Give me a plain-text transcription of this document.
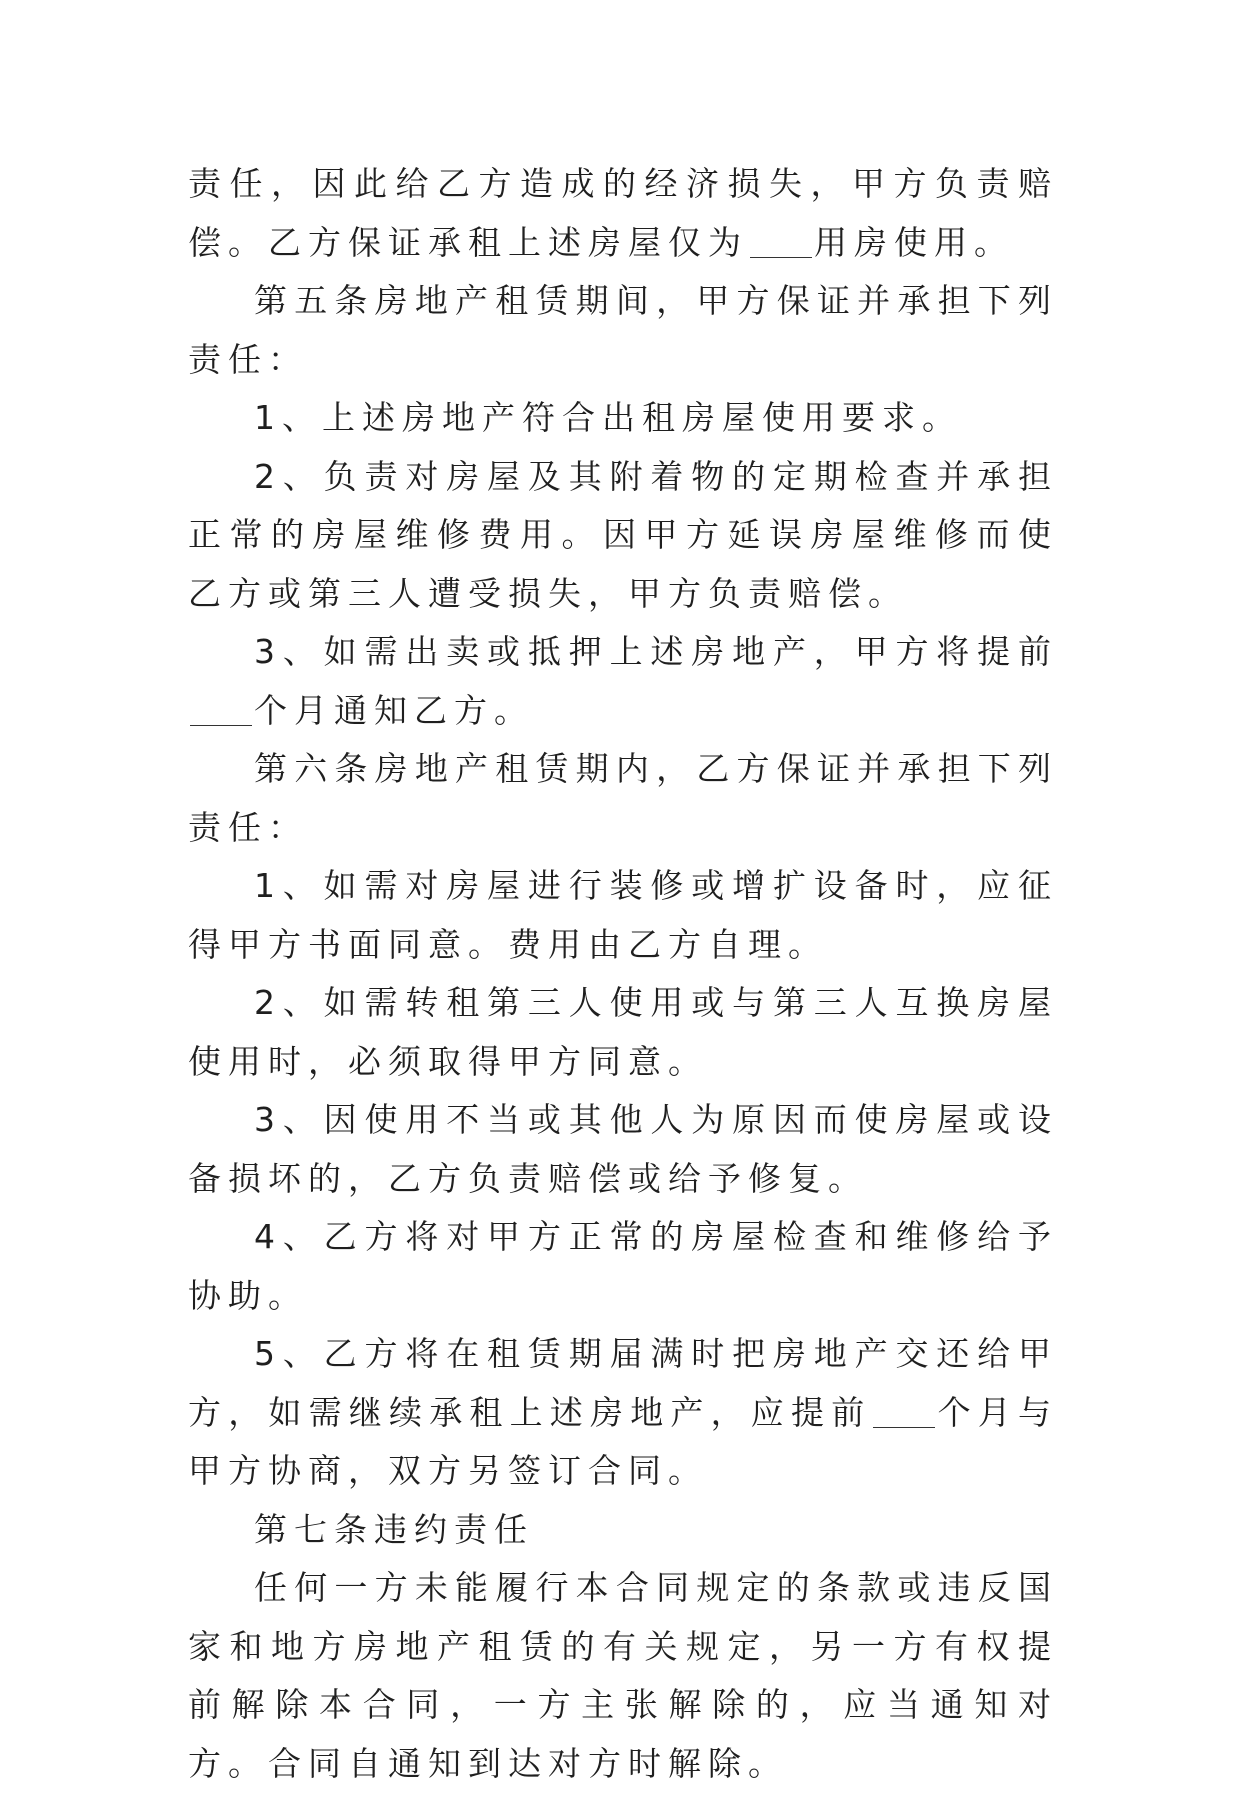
责任，因此给乙方造成的经济损失，甲方负责赔偿。乙方保证承租上述房屋仅为 用房使用。

第五条房地产租赁期间，甲方保证并承担下列责任：

1、上述房地产符合出租房屋使用要求。

2、负责对房屋及其附着物的定期检查并承担正常的房屋维修费用。因甲方延误房屋维修而使乙方或第三人遭受损失，甲方负责赔偿。

3、如需出卖或抵押上述房地产，甲方将提前个月通知乙方。

第六条房地产租赁期内，乙方保证并承担下列责任：

1、如需对房屋进行装修或增扩设备时，应征得甲方书面同意。费用由乙方自理。

2、如需转租第三人使用或与第三人互换房屋使用时，必须取得甲方同意。

3、因使用不当或其他人为原因而使房屋或设备损坏的，乙方负责赔偿或给予修复。

4、乙方将对甲方正常的房屋检查和维修给予协助。

5、乙方将在租赁期届满时把房地产交还给甲方，如需继续承租上述房地产，应提前 个月与甲方协商，双方另签订合同。

第七条违约责任

任何一方未能履行本合同规定的条款或违反国家和地方房地产租赁的有关规定，另一方有权提前解除本合同，一方主张解除的，应当通知对方。合同自通知到达对方时解除。
